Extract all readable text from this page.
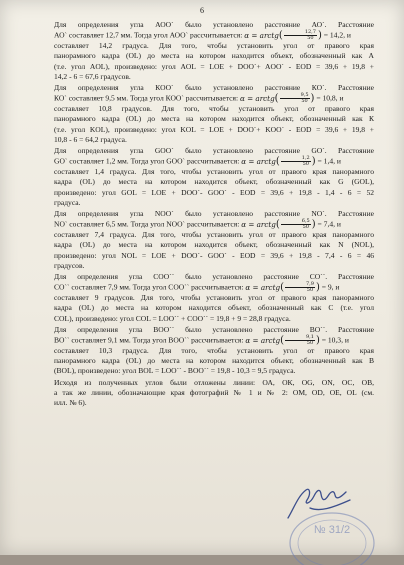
6

Для определения угла АОО` было установлено расстояние АО`. Расстояние
АО` составляет 12,7 мм. Тогда угол АОО` рассчитывается: α = arctg( $\frac{12,7}{50}$ ) = 14,2, и
составляет 14,2 градуса. Для того, чтобы установить угол от правого края
панорамного кадра (OL) до места на котором находится объект, обозначенный как А
(т.е. угол AOL), произведено: угол AOL = LOE + DOO`+ AOO` - EOD = 39,6 + 19,8 +
14,2 - 6 = 67,6 градусов.

Для определения угла КОО` было установлено расстояние КО`. Расстояние
КО` составляет 9,5 мм. Тогда угол КОО` рассчитывается: α = arctg( $\frac{9,5}{50}$ ) = 10,8, и
составляет 10,8 градусов. Для того, чтобы установить угол от правого края
панорамного кадра (OL) до места на котором находится объект, обозначенный как К
(т.е. угол KOL), произведено: угол KOL = LOE + DOO`+ KOO` - EOD = 39,6 + 19,8 +
10,8 - 6 = 64,2 градуса.

Для определения угла GOO` было установлено расстояние GO`. Расстояние
GO` составляет 1,2 мм. Тогда угол GOO` рассчитывается: α = arctg( $\frac{1,2}{50}$ ) = 1,4, и
составляет 1,4 градуса. Для того, чтобы установить угол от правого края панорамного
кадра (OL) до места на котором находится объект, обозначенный как G (GOL),
произведено: угол GOL = LOE + DOO`- GOO` - EOD = 39,6 + 19,8 - 1,4 - 6 = 52
градуса.

Для определения угла NOO` было установлено расстояние NO`. Расстояние
NO` составляет 6,5 мм. Тогда угол NOO` рассчитывается: α = arctg( $\frac{6,5}{50}$ ) = 7,4, и
составляет 7,4 градуса. Для того, чтобы установить угол от правого края панорамного
кадра (OL) до места на котором находится объект, обозначенный как N (NOL),
произведено: угол NOL = LOE + DOO`- GOO` - EOD = 39,6 + 19,8 - 7,4 - 6 = 46
градусов.

Для определения угла СОО`` было установлено расстояние СО``. Расстояние
СО`` составляет 7,9 мм. Тогда угол СОО`` рассчитывается: α = arctg( $\frac{7,9}{50}$ ) = 9, и
составляет 9 градусов. Для того, чтобы установить угол от правого края панорамного
кадра (OL) до места на котором находится объект, обозначенный как С (т.е. угол
COL), произведено: угол COL = LOO`` + COO`` = 19,8 + 9 = 28,8 градуса.

Для определения угла ВОО`` было установлено расстояние ВО``. Расстояние
ВО`` составляет 9,1 мм. Тогда угол ВОО`` рассчитывается: α = arctg( $\frac{9,1}{50}$ ) = 10,3, и
составляет 10,3 градуса. Для того, чтобы установить угол от правого края
панорамного кадра (OL) до места на котором находится объект, обозначенный как В
(BOL), произведено: угол BOL = LOO`` - BOO`` = 19,8 - 10,3 = 9,5 градуса.

Исходя из полученных углов были отложены линии: ОА, ОК, OG, ON, ОС, ОВ,
а так же линии, обозначающие края фотографий № 1 и № 2: OM, OD, OE, OL (см.
илл. № 6).

№ 31/2
